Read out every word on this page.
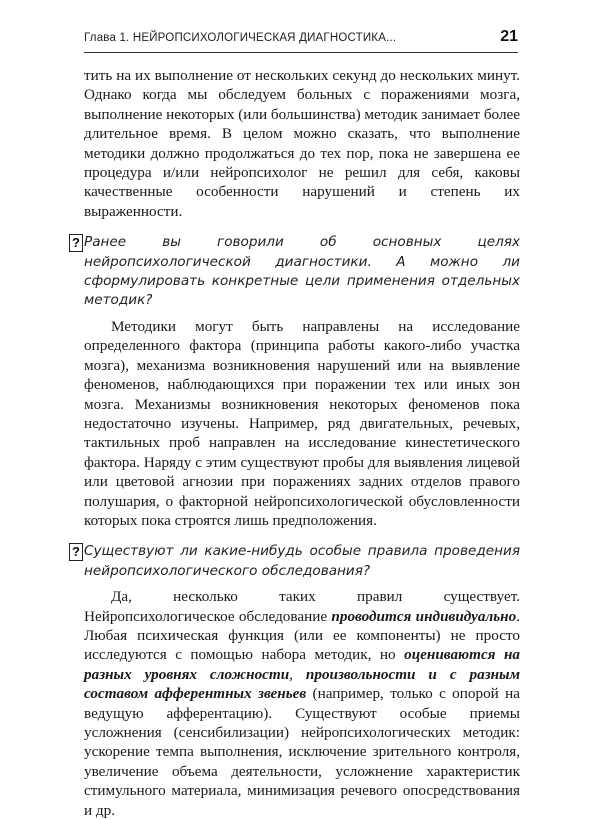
Глава 1. НЕЙРОПСИХОЛОГИЧЕСКАЯ ДИАГНОСТИКА...	21

тить на их выполнение от нескольких секунд до нескольких минут. Однако когда мы обследуем больных с поражениями мозга, выполнение некоторых (или большинства) методик занимает более длительное время. В целом можно сказать, что выполнение методики должно продолжаться до тех пор, пока не завершена ее процедура и/или нейропсихолог не решил для себя, каковы качественные особенности нарушений и степень их выраженности.

? Ранее вы говорили об основных целях нейропсихологической диагностики. А можно ли сформулировать конкретные цели применения отдельных методик?

Методики могут быть направлены на исследование определенного фактора (принципа работы какого-либо участка мозга), механизма возникновения нарушений или на выявление феноменов, наблюдающихся при поражении тех или иных зон мозга. Механизмы возникновения некоторых феноменов пока недостаточно изучены. Например, ряд двигательных, речевых, тактильных проб направлен на исследование кинестетического фактора. Наряду с этим существуют пробы для выявления лицевой или цветовой агнозии при поражениях задних отделов правого полушария, о факторной нейропсихологической обусловленности которых пока строятся лишь предположения.

? Существуют ли какие-нибудь особые правила проведения нейропсихологического обследования?

Да, несколько таких правил существует. Нейропсихологическое обследование проводится индивидуально. Любая психическая функция (или ее компоненты) не просто исследуются с помощью набора методик, но оцениваются на разных уровнях сложности, произвольности и с разным составом афферентных звеньев (например, только с опорой на ведущую афферентацию). Существуют особые приемы усложнения (сенсибилизации) нейропсихологических методик: ускорение темпа выполнения, исключение зрительного контроля, увеличение объема деятельности, усложнение характеристик стимульного материала, минимизация речевого опосредствования и др.
